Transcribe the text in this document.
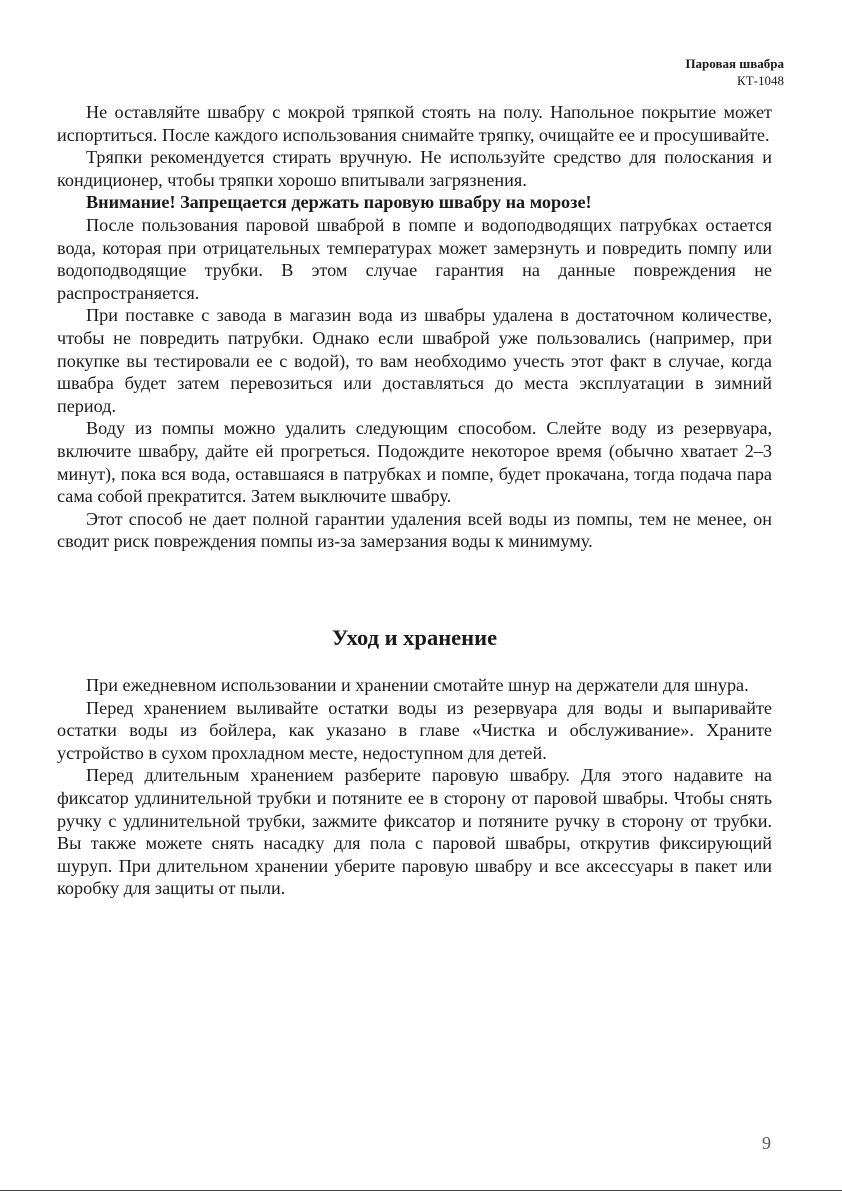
Паровая швабра
КТ-1048

Не оставляйте швабру с мокрой тряпкой стоять на полу. Напольное покрытие может испортиться. После каждого использования снимайте тряпку, очищайте ее и просушивайте.

Тряпки рекомендуется стирать вручную. Не используйте средство для полоскания и кондиционер, чтобы тряпки хорошо впитывали загрязнения.

Внимание! Запрещается держать паровую швабру на морозе!

После пользования паровой шваброй в помпе и водоподводящих патрубках остается вода, которая при отрицательных температурах может замерзнуть и повредить помпу или водоподводящие трубки. В этом случае гарантия на данные повреждения не распространяется.

При поставке с завода в магазин вода из швабры удалена в достаточном количестве, чтобы не повредить патрубки. Однако если шваброй уже пользовались (например, при покупке вы тестировали ее с водой), то вам необходимо учесть этот факт в случае, когда швабра будет затем перевозиться или доставляться до места эксплуатации в зимний период.

Воду из помпы можно удалить следующим способом. Слейте воду из резервуара, включите швабру, дайте ей прогреться. Подождите некоторое время (обычно хватает 2–3 минут), пока вся вода, оставшаяся в патрубках и помпе, будет прокачана, тогда подача пара сама собой прекратится. Затем выключите швабру.

Этот способ не дает полной гарантии удаления всей воды из помпы, тем не менее, он сводит риск повреждения помпы из-за замерзания воды к минимуму.

Уход и хранение

При ежедневном использовании и хранении смотайте шнур на держатели для шнура.

Перед хранением выливайте остатки воды из резервуара для воды и выпаривайте остатки воды из бойлера, как указано в главе «Чистка и обслуживание». Храните устройство в сухом прохладном месте, недоступном для детей.

Перед длительным хранением разберите паровую швабру. Для этого надавите на фиксатор удлинительной трубки и потяните ее в сторону от паровой швабры. Чтобы снять ручку с удлинительной трубки, зажмите фиксатор и потяните ручку в сторону от трубки. Вы также можете снять насадку для пола с паровой швабры, открутив фиксирующий шуруп. При длительном хранении уберите паровую швабру и все аксессуары в пакет или коробку для защиты от пыли.

9
